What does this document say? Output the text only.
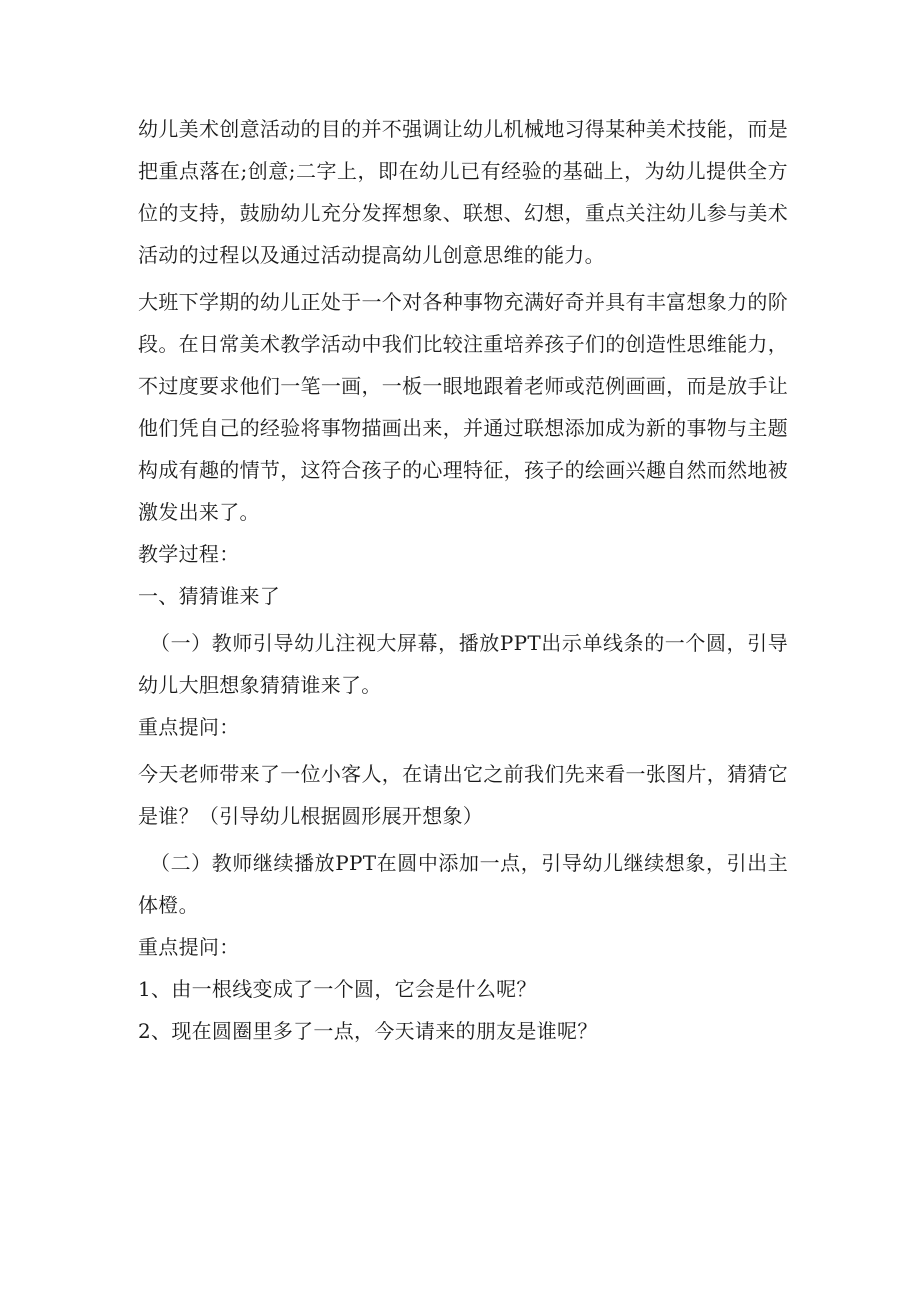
幼儿美术创意活动的目的并不强调让幼儿机械地习得某种美术技能，而是把重点落在;创意;二字上，即在幼儿已有经验的基础上，为幼儿提供全方位的支持，鼓励幼儿充分发挥想象、联想、幻想，重点关注幼儿参与美术活动的过程以及通过活动提高幼儿创意思维的能力。

大班下学期的幼儿正处于一个对各种事物充满好奇并具有丰富想象力的阶段。在日常美术教学活动中我们比较注重培养孩子们的创造性思维能力，不过度要求他们一笔一画，一板一眼地跟着老师或范例画画，而是放手让他们凭自己的经验将事物描画出来，并通过联想添加成为新的事物与主题构成有趣的情节，这符合孩子的心理特征，孩子的绘画兴趣自然而然地被激发出来了。

教学过程：

一、猜猜谁来了

（一）教师引导幼儿注视大屏幕，播放PPT出示单线条的一个圆，引导幼儿大胆想象猜猜谁来了。

重点提问：

今天老师带来了一位小客人，在请出它之前我们先来看一张图片，猜猜它是谁？（引导幼儿根据圆形展开想象）

（二）教师继续播放PPT在圆中添加一点，引导幼儿继续想象，引出主体橙。

重点提问：

1、由一根线变成了一个圆，它会是什么呢？

2、现在圆圈里多了一点，今天请来的朋友是谁呢？
